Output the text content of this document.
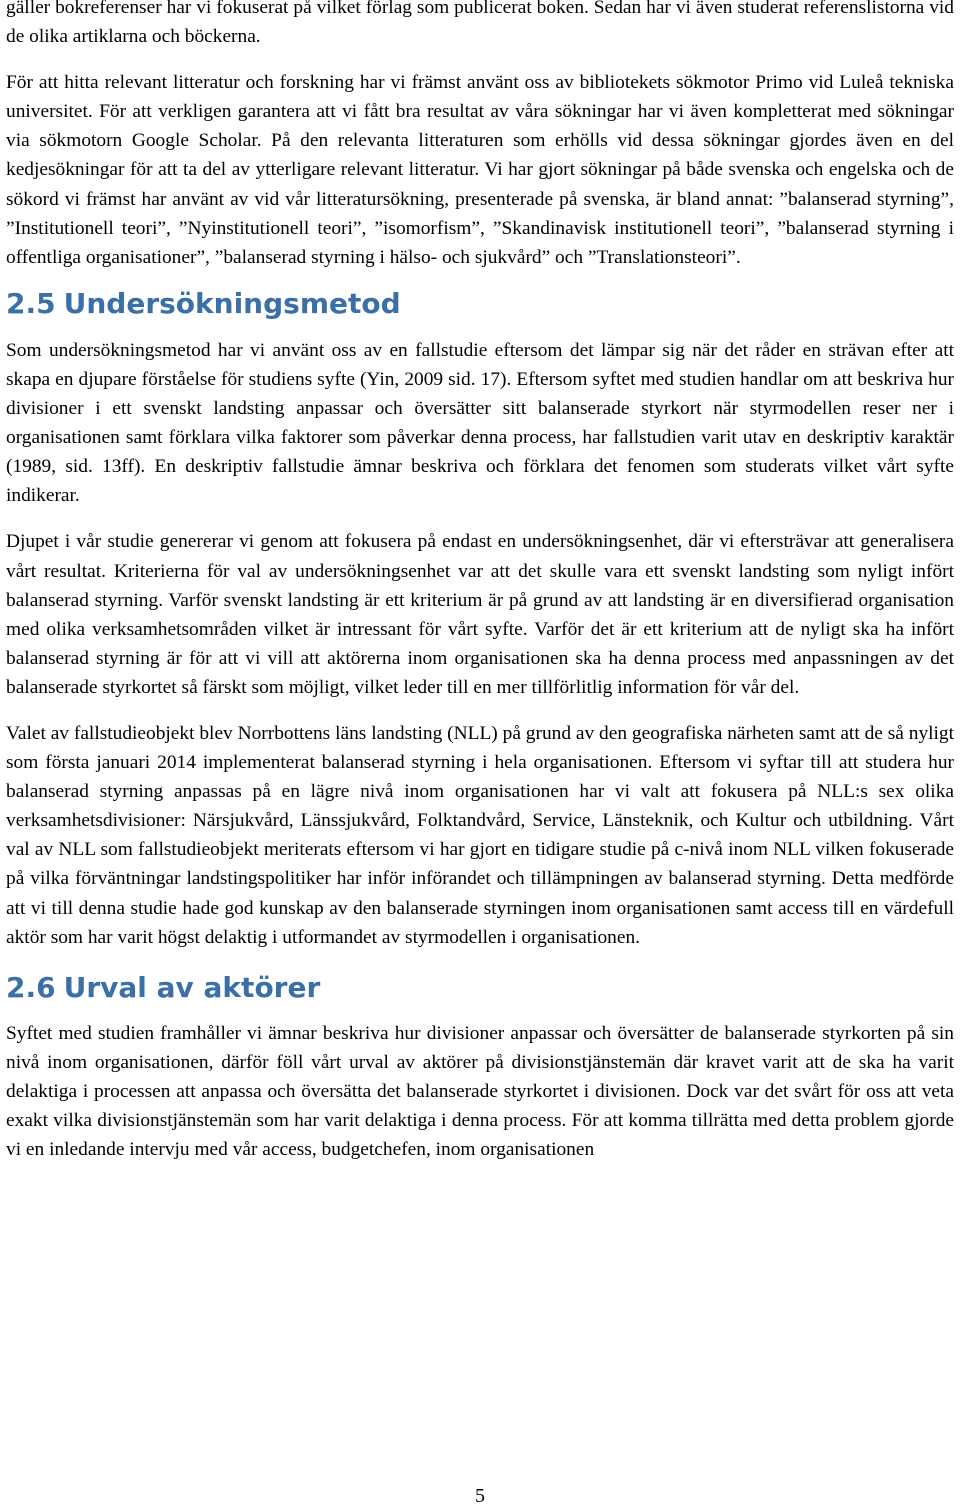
gäller bokreferenser har vi fokuserat på vilket förlag som publicerat boken. Sedan har vi även studerat referenslistorna vid de olika artiklarna och böckerna.

För att hitta relevant litteratur och forskning har vi främst använt oss av bibliotekets sökmotor Primo vid Luleå tekniska universitet. För att verkligen garantera att vi fått bra resultat av våra sökningar har vi även kompletterat med sökningar via sökmotorn Google Scholar. På den relevanta litteraturen som erhölls vid dessa sökningar gjordes även en del kedjesökningar för att ta del av ytterligare relevant litteratur. Vi har gjort sökningar på både svenska och engelska och de sökord vi främst har använt av vid vår litteratursökning, presenterade på svenska, är bland annat: ”balanserad styrning”, ”Institutionell teori”, ”Nyinstitutionell teori”, ”isomorfism”, ”Skandinavisk institutionell teori”, ”balanserad styrning i offentliga organisationer”, ”balanserad styrning i hälso- och sjukvård” och ”Translationsteori”.

2.5 Undersökningsmetod

Som undersökningsmetod har vi använt oss av en fallstudie eftersom det lämpar sig när det råder en strävan efter att skapa en djupare förståelse för studiens syfte (Yin, 2009 sid. 17). Eftersom syftet med studien handlar om att beskriva hur divisioner i ett svenskt landsting anpassar och översätter sitt balanserade styrkort när styrmodellen reser ner i organisationen samt förklara vilka faktorer som påverkar denna process, har fallstudien varit utav en deskriptiv karaktär (1989, sid. 13ff). En deskriptiv fallstudie ämnar beskriva och förklara det fenomen som studerats vilket vårt syfte indikerar.

Djupet i vår studie genererar vi genom att fokusera på endast en undersökningsenhet, där vi eftersträvar att generalisera vårt resultat. Kriterierna för val av undersökningsenhet var att det skulle vara ett svenskt landsting som nyligt infört balanserad styrning. Varför svenskt landsting är ett kriterium är på grund av att landsting är en diversifierad organisation med olika verksamhetsområden vilket är intressant för vårt syfte. Varför det är ett kriterium att de nyligt ska ha infört balanserad styrning är för att vi vill att aktörerna inom organisationen ska ha denna process med anpassningen av det balanserade styrkortet så färskt som möjligt, vilket leder till en mer tillförlitlig information för vår del.

Valet av fallstudieobjekt blev Norrbottens läns landsting (NLL) på grund av den geografiska närheten samt att de så nyligt som första januari 2014 implementerat balanserad styrning i hela organisationen. Eftersom vi syftar till att studera hur balanserad styrning anpassas på en lägre nivå inom organisationen har vi valt att fokusera på NLL:s sex olika verksamhetsdivisioner: Närsjukvård, Länssjukvård, Folktandvård, Service, Länsteknik, och Kultur och utbildning. Vårt val av NLL som fallstudieobjekt meriterats eftersom vi har gjort en tidigare studie på c-nivå inom NLL vilken fokuserade på vilka förväntningar landstingspolitiker har inför införandet och tillämpningen av balanserad styrning. Detta medförde att vi till denna studie hade god kunskap av den balanserade styrningen inom organisationen samt access till en värdefull aktör som har varit högst delaktig i utformandet av styrmodellen i organisationen.

2.6 Urval av aktörer

Syftet med studien framhåller vi ämnar beskriva hur divisioner anpassar och översätter de balanserade styrkorten på sin nivå inom organisationen, därför föll vårt urval av aktörer på divisionstjänstemän där kravet varit att de ska ha varit delaktiga i processen att anpassa och översätta det balanserade styrkortet i divisionen. Dock var det svårt för oss att veta exakt vilka divisionstjänstemän som har varit delaktiga i denna process. För att komma tillrätta med detta problem gjorde vi en inledande intervju med vår access, budgetchefen, inom organisationen

5
